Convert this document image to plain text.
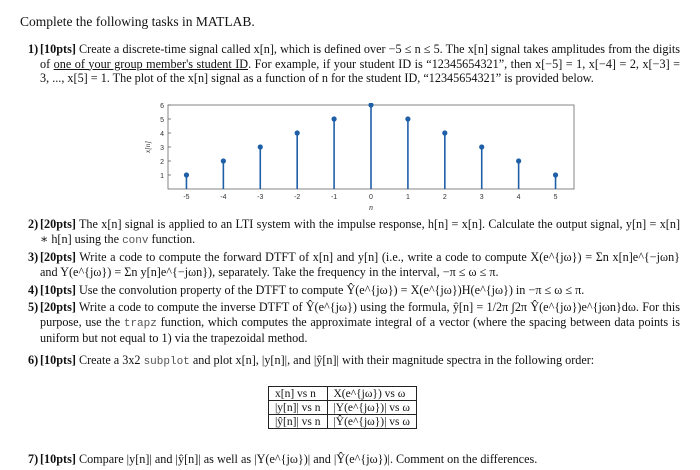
Complete the following tasks in MATLAB.
1) [10pts] Create a discrete-time signal called x[n], which is defined over −5 ≤ n ≤ 5. The x[n] signal takes amplitudes from the digits of one of your group member's student ID. For example, if your student ID is “12345654321”, then x[−5] = 1, x[−4] = 2, x[−3] = 3, ..., x[5] = 1. The plot of the x[n] signal as a function of n for the student ID, “12345654321” is provided below.

1
2
3
4
5
6
-5	-4	-3	-2	-1	0	1	2	3	4	5
x[n]
n
2) [20pts] The x[n] signal is applied to an LTI system with the impulse response, h[n] = x[n]. Calculate the output signal, y[n] = x[n] ∗ h[n] using the conv function.

3) [20pts] Write a code to compute the forward DTFT of x[n] and y[n] (i.e., write a code to compute X(e^{jω}) = Σn x[n]e^{−jωn} and Y(e^{jω}) = Σn y[n]e^{−jωn}), separately. Take the frequency in the interval, −π ≤ ω ≤ π.

4) [10pts] Use the convolution property of the DTFT to compute Ŷ(e^{jω}) = X(e^{jω})H(e^{jω}) in −π ≤ ω ≤ π.

5) [20pts] Write a code to compute the inverse DTFT of Ŷ(e^{jω}) using the formula, ŷ[n] = 1/2π ∫2π Ŷ(e^{jω})e^{jωn}dω. For this purpose, use the trapz function, which computes the approximate integral of a vector (where the spacing between data points is uniform but not equal to 1) via the trapezoidal method.

6) [10pts] Create a 3x2 subplot and plot x[n], |y[n]|, and |ŷ[n]| with their magnitude spectra in the following order:

x[n] vs n	X(e^{jω}) vs ω
|y[n]| vs n	|Y(e^{jω})| vs ω
|ŷ[n]| vs n	|Ŷ(e^{jω})| vs ω
7) [10pts] Compare |y[n]| and |ŷ[n]| as well as |Y(e^{jω})| and |Ŷ(e^{jω})|. Comment on the differences.
